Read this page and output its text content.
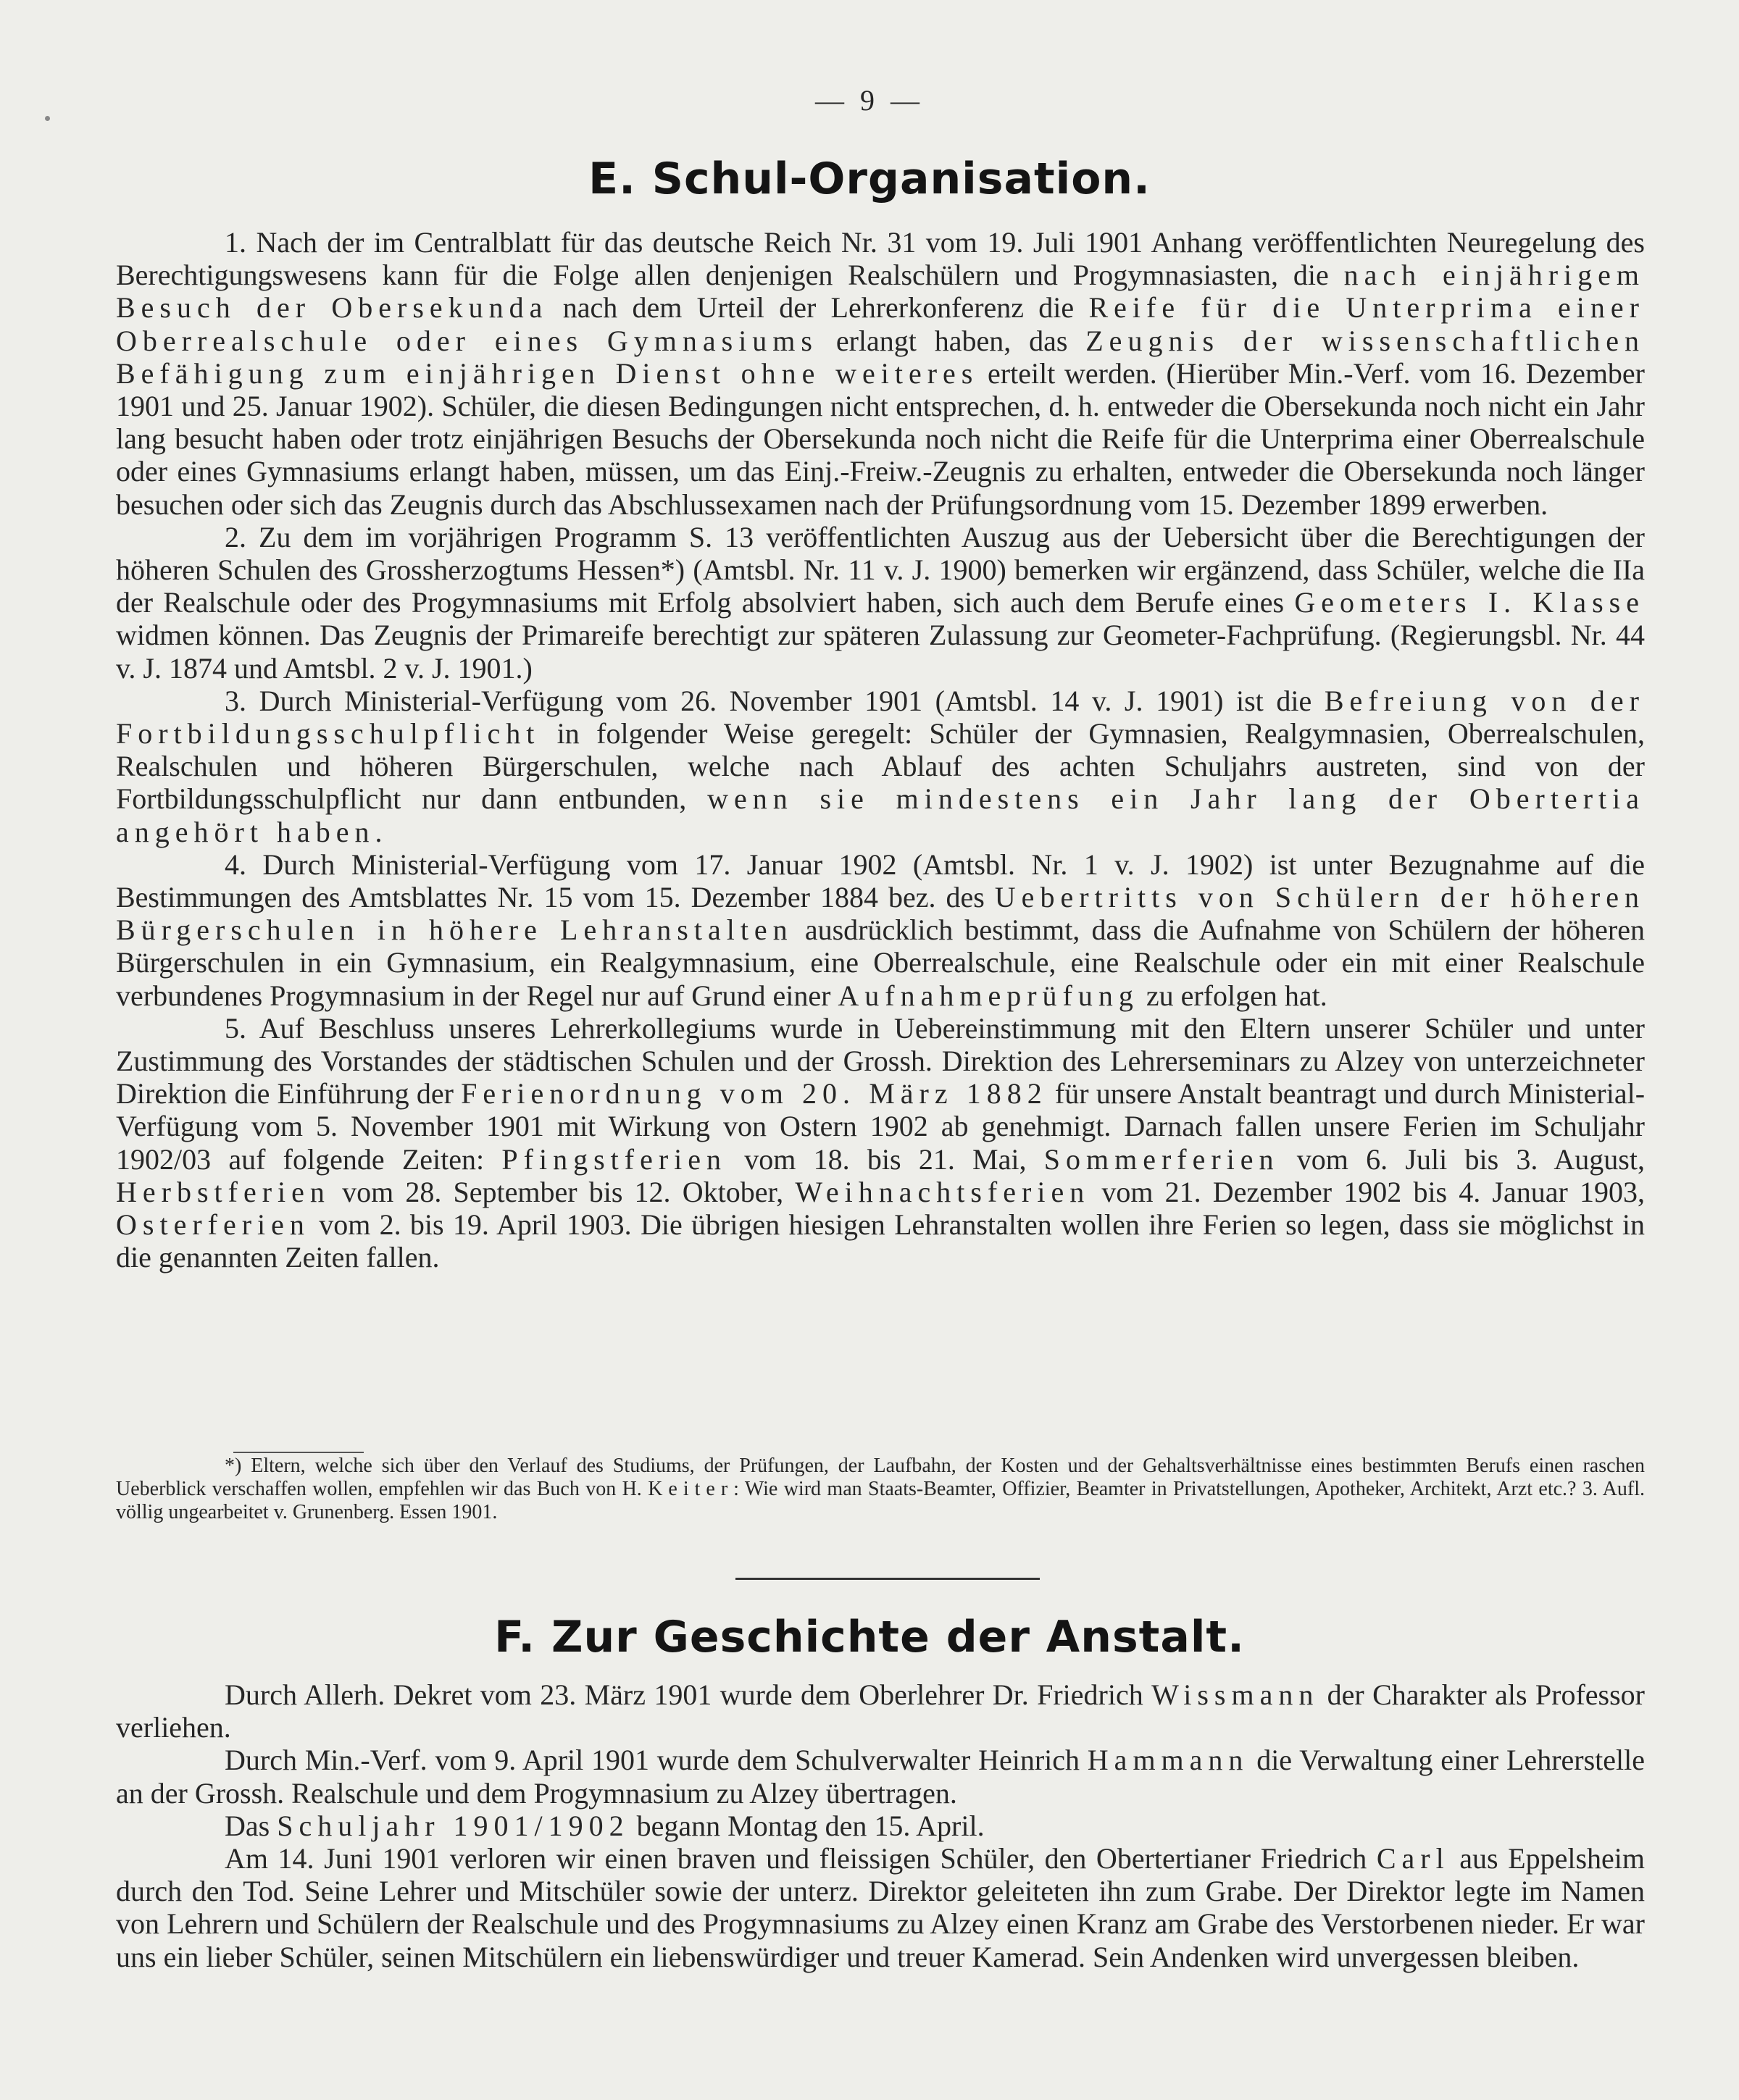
— 9 —
E. Schul-Organisation.

1. Nach der im Centralblatt für das deutsche Reich Nr. 31 vom 19. Juli 1901 Anhang veröffentlichten Neuregelung des Berechtigungswesens kann für die Folge allen denjenigen Realschülern und Progymnasiasten, die nach einjährigem Besuch der Obersekunda nach dem Urteil der Lehrerkonferenz die Reife für die Unterprima einer Oberrealschule oder eines Gymnasiums erlangt haben, das Zeugnis der wissenschaftlichen Befähigung zum einjährigen Dienst ohne weiteres erteilt werden. (Hierüber Min.-Verf. vom 16. Dezember 1901 und 25. Januar 1902). Schüler, die diesen Bedingungen nicht entsprechen, d. h. entweder die Obersekunda noch nicht ein Jahr lang besucht haben oder trotz einjährigen Besuchs der Obersekunda noch nicht die Reife für die Unterprima einer Oberrealschule oder eines Gymnasiums erlangt haben, müssen, um das Einj.-Freiw.-Zeugnis zu erhalten, entweder die Obersekunda noch länger besuchen oder sich das Zeugnis durch das Abschlussexamen nach der Prüfungsordnung vom 15. Dezember 1899 erwerben.

2. Zu dem im vorjährigen Programm S. 13 veröffentlichten Auszug aus der Uebersicht über die Berechtigungen der höheren Schulen des Grossherzogtums Hessen*) (Amtsbl. Nr. 11 v. J. 1900) bemerken wir ergänzend, dass Schüler, welche die IIa der Realschule oder des Progymnasiums mit Erfolg absolviert haben, sich auch dem Berufe eines Geometers I. Klasse widmen können. Das Zeugnis der Primareife berechtigt zur späteren Zulassung zur Geometer-Fachprüfung. (Regierungsbl. Nr. 44 v. J. 1874 und Amtsbl. 2 v. J. 1901.)

3. Durch Ministerial-Verfügung vom 26. November 1901 (Amtsbl. 14 v. J. 1901) ist die Befreiung von der Fortbildungsschulpflicht in folgender Weise geregelt: Schüler der Gymnasien, Realgymnasien, Oberrealschulen, Realschulen und höheren Bürgerschulen, welche nach Ablauf des achten Schuljahrs austreten, sind von der Fortbildungsschulpflicht nur dann entbunden, wenn sie mindestens ein Jahr lang der Obertertia angehört haben.

4. Durch Ministerial-Verfügung vom 17. Januar 1902 (Amtsbl. Nr. 1 v. J. 1902) ist unter Bezugnahme auf die Bestimmungen des Amtsblattes Nr. 15 vom 15. Dezember 1884 bez. des Uebertritts von Schülern der höheren Bürgerschulen in höhere Lehranstalten ausdrücklich bestimmt, dass die Aufnahme von Schülern der höheren Bürgerschulen in ein Gymnasium, ein Realgymnasium, eine Oberrealschule, eine Realschule oder ein mit einer Realschule verbundenes Progymnasium in der Regel nur auf Grund einer Aufnahmeprüfung zu erfolgen hat.

5. Auf Beschluss unseres Lehrerkollegiums wurde in Uebereinstimmung mit den Eltern unserer Schüler und unter Zustimmung des Vorstandes der städtischen Schulen und der Grossh. Direktion des Lehrerseminars zu Alzey von unterzeichneter Direktion die Einführung der Ferienordnung vom 20. März 1882 für unsere Anstalt beantragt und durch Ministerial-Verfügung vom 5. November 1901 mit Wirkung von Ostern 1902 ab genehmigt. Darnach fallen unsere Ferien im Schuljahr 1902/03 auf folgende Zeiten: Pfingstferien vom 18. bis 21. Mai, Sommerferien vom 6. Juli bis 3. August, Herbstferien vom 28. September bis 12. Oktober, Weihnachtsferien vom 21. Dezember 1902 bis 4. Januar 1903, Osterferien vom 2. bis 19. April 1903. Die übrigen hiesigen Lehranstalten wollen ihre Ferien so legen, dass sie möglichst in die genannten Zeiten fallen.

*) Eltern, welche sich über den Verlauf des Studiums, der Prüfungen, der Laufbahn, der Kosten und der Gehaltsverhältnisse eines bestimmten Berufs einen raschen Ueberblick verschaffen wollen, empfehlen wir das Buch von H. Keiter: Wie wird man Staats-Beamter, Offizier, Beamter in Privatstellungen, Apotheker, Architekt, Arzt etc.? 3. Aufl. völlig ungearbeitet v. Grunenberg. Essen 1901.
F. Zur Geschichte der Anstalt.

Durch Allerh. Dekret vom 23. März 1901 wurde dem Oberlehrer Dr. Friedrich Wissmann der Charakter als Professor verliehen.

Durch Min.-Verf. vom 9. April 1901 wurde dem Schulverwalter Heinrich Hammann die Verwaltung einer Lehrerstelle an der Grossh. Realschule und dem Progymnasium zu Alzey übertragen.

Das Schuljahr 1901/1902 begann Montag den 15. April.

Am 14. Juni 1901 verloren wir einen braven und fleissigen Schüler, den Obertertianer Friedrich Carl aus Eppelsheim durch den Tod. Seine Lehrer und Mitschüler sowie der unterz. Direktor geleiteten ihn zum Grabe. Der Direktor legte im Namen von Lehrern und Schülern der Realschule und des Progymnasiums zu Alzey einen Kranz am Grabe des Verstorbenen nieder. Er war uns ein lieber Schüler, seinen Mitschülern ein liebenswürdiger und treuer Kamerad. Sein Andenken wird unvergessen bleiben.
